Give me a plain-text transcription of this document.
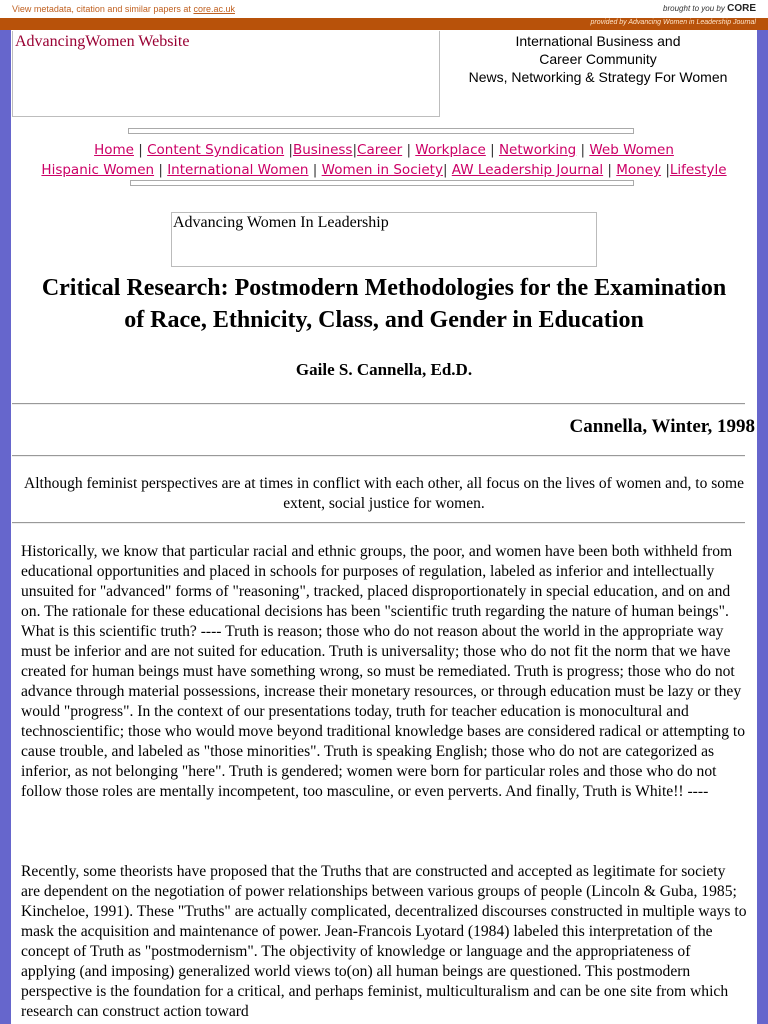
View metadata, citation and similar papers at core.ac.uk	brought to you by CORE
provided by Advancing Women in Leadership Journal
AdvancingWomen Website	International Business and
Career Community
News, Networking & Strategy For Women
Home | Content Syndication |Business|Career | Workplace | Networking | Web Women
Hispanic Women | International Women | Women in Society| AW Leadership Journal | Money |Lifestyle
Advancing Women In Leadership
Critical Research: Postmodern Methodologies for the Examination
of Race, Ethnicity, Class, and Gender in Education
Gaile S. Cannella, Ed.D.
Cannella, Winter, 1998
Although feminist perspectives are at times in conflict with each other, all focus on the lives of women and, to some extent, social justice for women.
Historically, we know that particular racial and ethnic groups, the poor, and women have been both withheld from educational opportunities and placed in schools for purposes of regulation, labeled as inferior and intellectually unsuited for "advanced" forms of "reasoning", tracked, placed disproportionately in special education, and on and on. The rationale for these educational decisions has been "scientific truth regarding the nature of human beings". What is this scientific truth? ---- Truth is reason; those who do not reason about the world in the appropriate way must be inferior and are not suited for education. Truth is universality; those who do not fit the norm that we have created for human beings must have something wrong, so must be remediated. Truth is progress; those who do not advance through material possessions, increase their monetary resources, or through education must be lazy or they would "progress". In the context of our presentations today, truth for teacher education is monocultural and technoscientific; those who would move beyond traditional knowledge bases are considered radical or attempting to cause trouble, and labeled as "those minorities". Truth is speaking English; those who do not are categorized as inferior, as not belonging "here". Truth is gendered; women were born for particular roles and those who do not follow those roles are mentally incompetent, too masculine, or even perverts. And finally, Truth is White!! ----
Recently, some theorists have proposed that the Truths that are constructed and accepted as legitimate for society are dependent on the negotiation of power relationships between various groups of people (Lincoln & Guba, 1985; Kincheloe, 1991). These "Truths" are actually complicated, decentralized discourses constructed in multiple ways to mask the acquisition and maintenance of power. Jean-Francois Lyotard (1984) labeled this interpretation of the concept of Truth as "postmodernism". The objectivity of knowledge or language and the appropriateness of applying (and imposing) generalized world views to(on) all human beings are questioned. This postmodern perspective is the foundation for a critical, and perhaps feminist, multiculturalism and can be one site from which research can construct action toward
